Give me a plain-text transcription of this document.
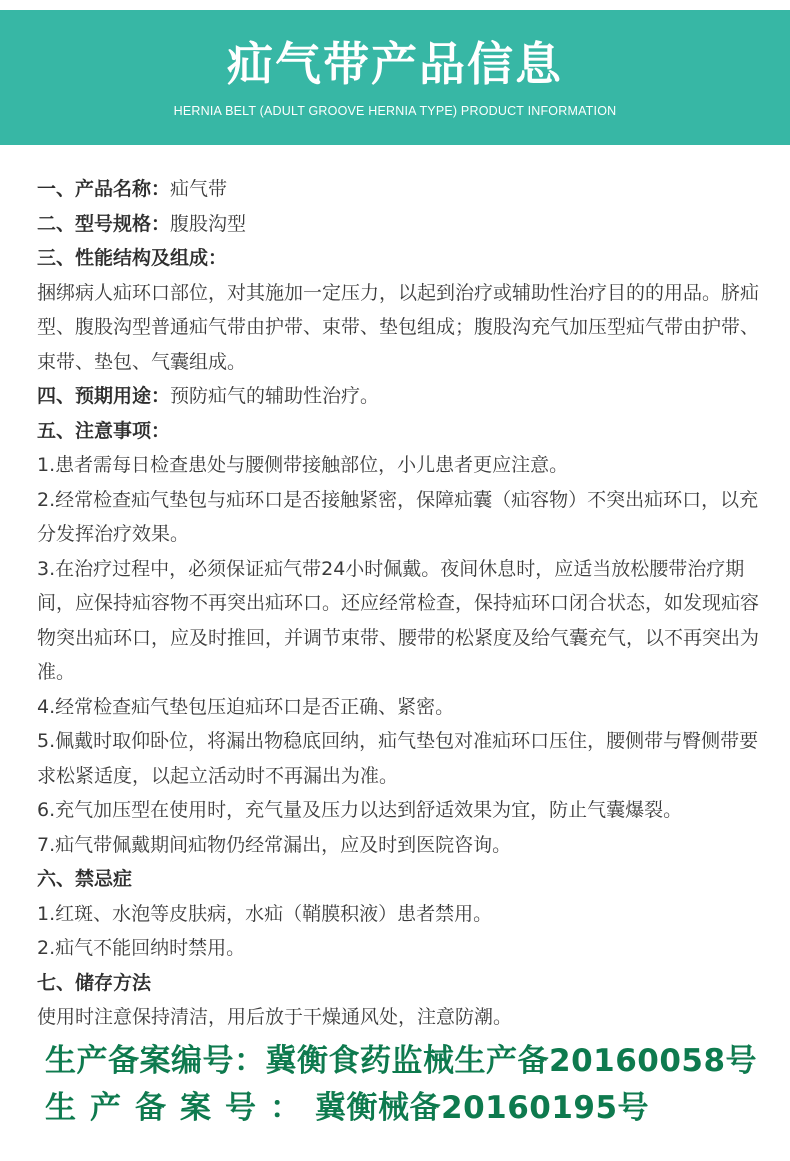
疝气带产品信息
HERNIA BELT (ADULT GROOVE HERNIA TYPE) PRODUCT INFORMATION
一、产品名称：疝气带
二、型号规格：腹股沟型
三、性能结构及组成：
捆绑病人疝环口部位，对其施加一定压力，以起到治疗或辅助性治疗目的的用品。脐疝型、腹股沟型普通疝气带由护带、束带、垫包组成；腹股沟充气加压型疝气带由护带、束带、垫包、气囊组成。
四、预期用途：预防疝气的辅助性治疗。
五、注意事项：
1.患者需每日检查患处与腰侧带接触部位，小儿患者更应注意。
2.经常检查疝气垫包与疝环口是否接触紧密，保障疝囊（疝容物）不突出疝环口，以充分发挥治疗效果。
3.在治疗过程中，必须保证疝气带24小时佩戴。夜间休息时，应适当放松腰带治疗期间，应保持疝容物不再突出疝环口。还应经常检查，保持疝环口闭合状态，如发现疝容物突出疝环口，应及时推回，并调节束带、腰带的松紧度及给气囊充气，以不再突出为准。
4.经常检查疝气垫包压迫疝环口是否正确、紧密。
5.佩戴时取仰卧位，将漏出物稳底回纳，疝气垫包对准疝环口压住，腰侧带与臀侧带要求松紧适度，以起立活动时不再漏出为准。
6.充气加压型在使用时，充气量及压力以达到舒适效果为宜，防止气囊爆裂。
7.疝气带佩戴期间疝物仍经常漏出，应及时到医院咨询。
六、禁忌症
1.红斑、水泡等皮肤病，水疝（鞘膜积液）患者禁用。
2.疝气不能回纳时禁用。
七、储存方法
使用时注意保持清洁，用后放于干燥通风处，注意防潮。
生产备案编号：冀衡食药监械生产备20160058号
生产备案号：冀衡械备20160195号
